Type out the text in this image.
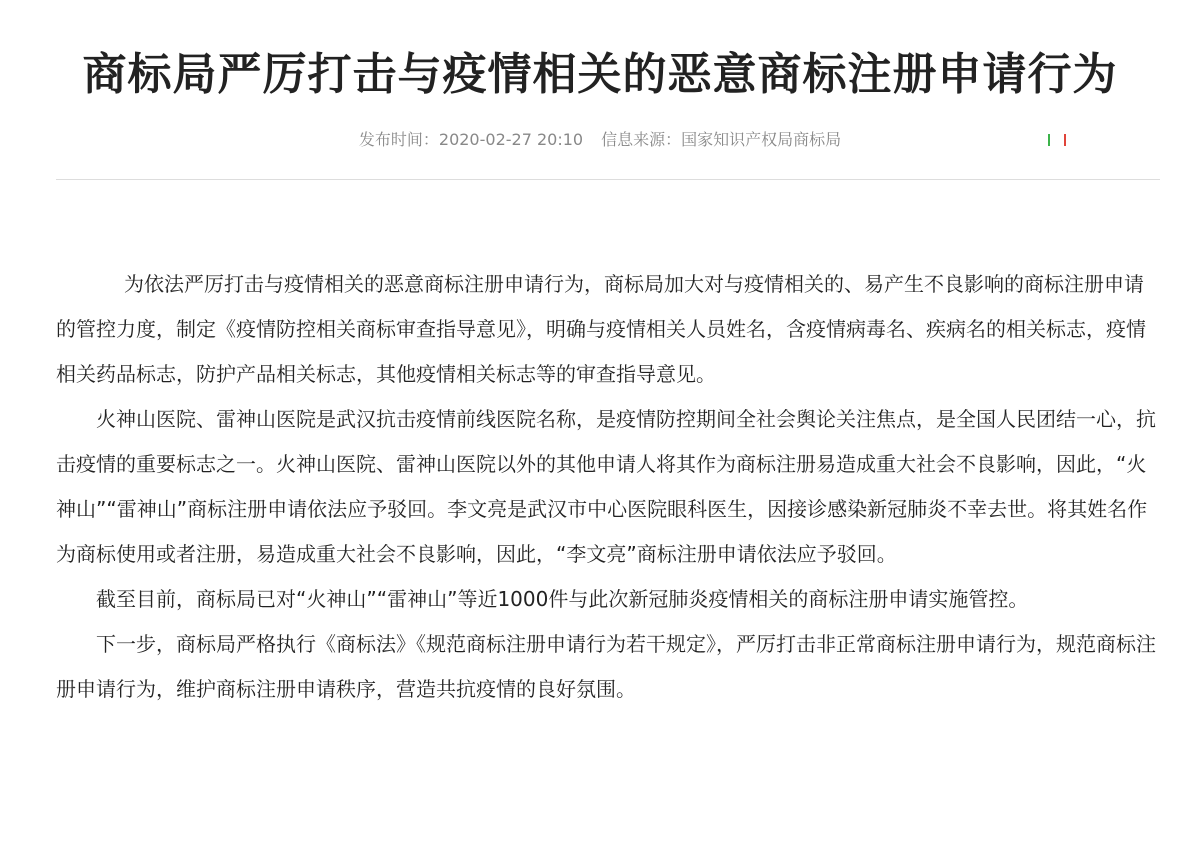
商标局严厉打击与疫情相关的恶意商标注册申请行为
发布时间：2020-02-27 20:10 信息来源：国家知识产权局商标局

为依法严厉打击与疫情相关的恶意商标注册申请行为，商标局加大对与疫情相关的、易产生不良影响的商标注册申请的管控力度，制定《疫情防控相关商标审查指导意见》，明确与疫情相关人员姓名，含疫情病毒名、疾病名的相关标志，疫情相关药品标志，防护产品相关标志，其他疫情相关标志等的审查指导意见。

火神山医院、雷神山医院是武汉抗击疫情前线医院名称，是疫情防控期间全社会舆论关注焦点，是全国人民团结一心，抗击疫情的重要标志之一。火神山医院、雷神山医院以外的其他申请人将其作为商标注册易造成重大社会不良影响，因此，“火神山”“雷神山”商标注册申请依法应予驳回。李文亮是武汉市中心医院眼科医生，因接诊感染新冠肺炎不幸去世。将其姓名作为商标使用或者注册，易造成重大社会不良影响，因此，“李文亮”商标注册申请依法应予驳回。

截至目前，商标局已对“火神山”“雷神山”等近1000件与此次新冠肺炎疫情相关的商标注册申请实施管控。

下一步，商标局严格执行《商标法》《规范商标注册申请行为若干规定》，严厉打击非正常商标注册申请行为，规范商标注册申请行为，维护商标注册申请秩序，营造共抗疫情的良好氛围。
